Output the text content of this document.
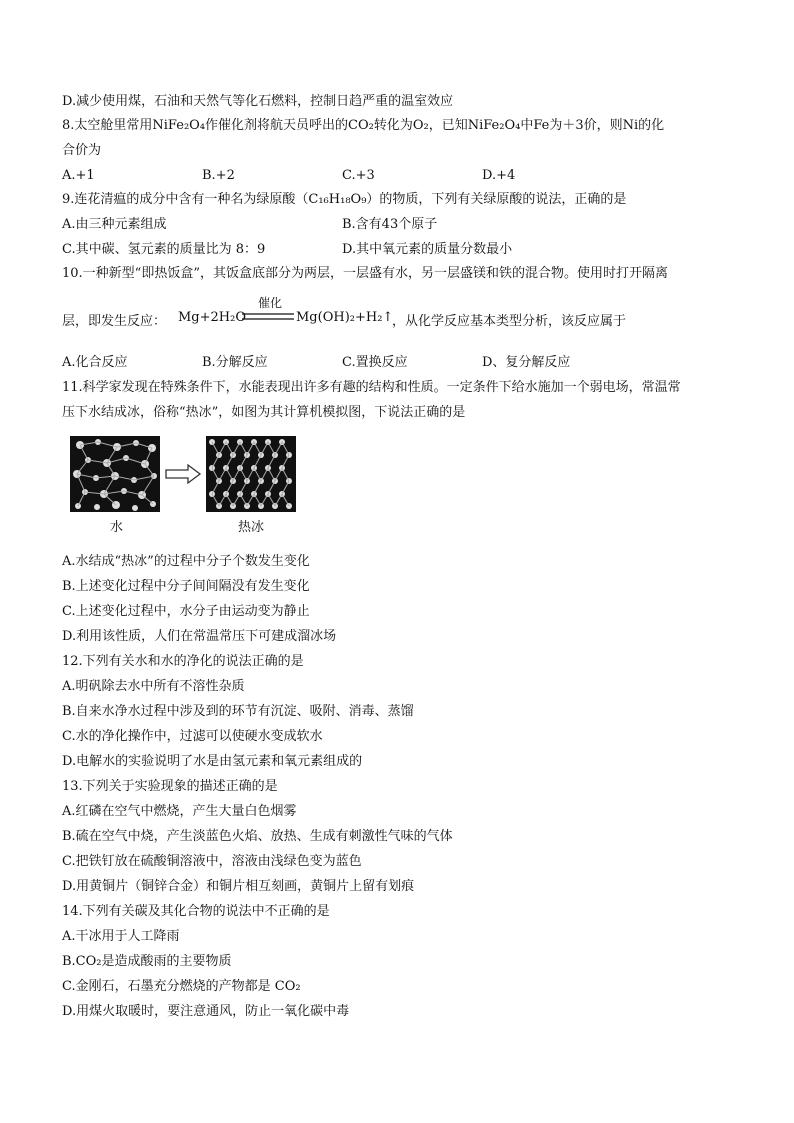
D.减少使用煤，石油和天然气等化石燃料，控制日趋严重的温室效应
8.太空舱里常用NiFe₂O₄作催化剂将航天员呼出的CO₂转化为O₂，已知NiFe₂O₄中Fe为＋3价，则Ni的化
合价为
A.+1	B.+2	C.+3	D.+4
9.连花清瘟的成分中含有一种名为绿原酸（C₁₆H₁₈O₉）的物质，下列有关绿原酸的说法，正确的是
A.由三种元素组成	B.含有43个原子
C.其中碳、氢元素的质量比为 8：9	D.其中氧元素的质量分数最小
10.一种新型“即热饭盒”，其饭盒底部分为两层，一层盛有水，另一层盛镁和铁的混合物。使用时打开隔离
层，即发生反应： Mg+2H₂O
催化
Mg(OH)₂+H₂↑
，从化学反应基本类型分析，该反应属于
A.化合反应	B.分解反应	C.置换反应	D、复分解反应
11.科学家发现在特殊条件下，水能表现出许多有趣的结构和性质。一定条件下给水施加一个弱电场，常温常
压下水结成冰，俗称“热冰”，如图为其计算机模拟图，下说法正确的是
水	热冰
A.水结成“热冰”的过程中分子个数发生变化
B.上述变化过程中分子间间隔没有发生变化
C.上述变化过程中，水分子由运动变为静止
D.利用该性质，人们在常温常压下可建成溜冰场
12.下列有关水和水的净化的说法正确的是
A.明矾除去水中所有不溶性杂质
B.自来水净水过程中涉及到的环节有沉淀、吸附、消毒、蒸馏
C.水的净化操作中，过滤可以使硬水变成软水
D.电解水的实验说明了水是由氢元素和氧元素组成的
13.下列关于实验现象的描述正确的是
A.红磷在空气中燃烧，产生大量白色烟雾
B.硫在空气中烧，产生淡蓝色火焰、放热、生成有刺激性气味的气体
C.把铁钉放在硫酸铜溶液中，溶液由浅绿色变为蓝色
D.用黄铜片（铜锌合金）和铜片相互刻画，黄铜片上留有划痕
14.下列有关碳及其化合物的说法中不正确的是
A.干冰用于人工降雨
B.CO₂是造成酸雨的主要物质
C.金刚石，石墨充分燃烧的产物都是 CO₂
D.用煤火取暖时，要注意通风，防止一氧化碳中毒
